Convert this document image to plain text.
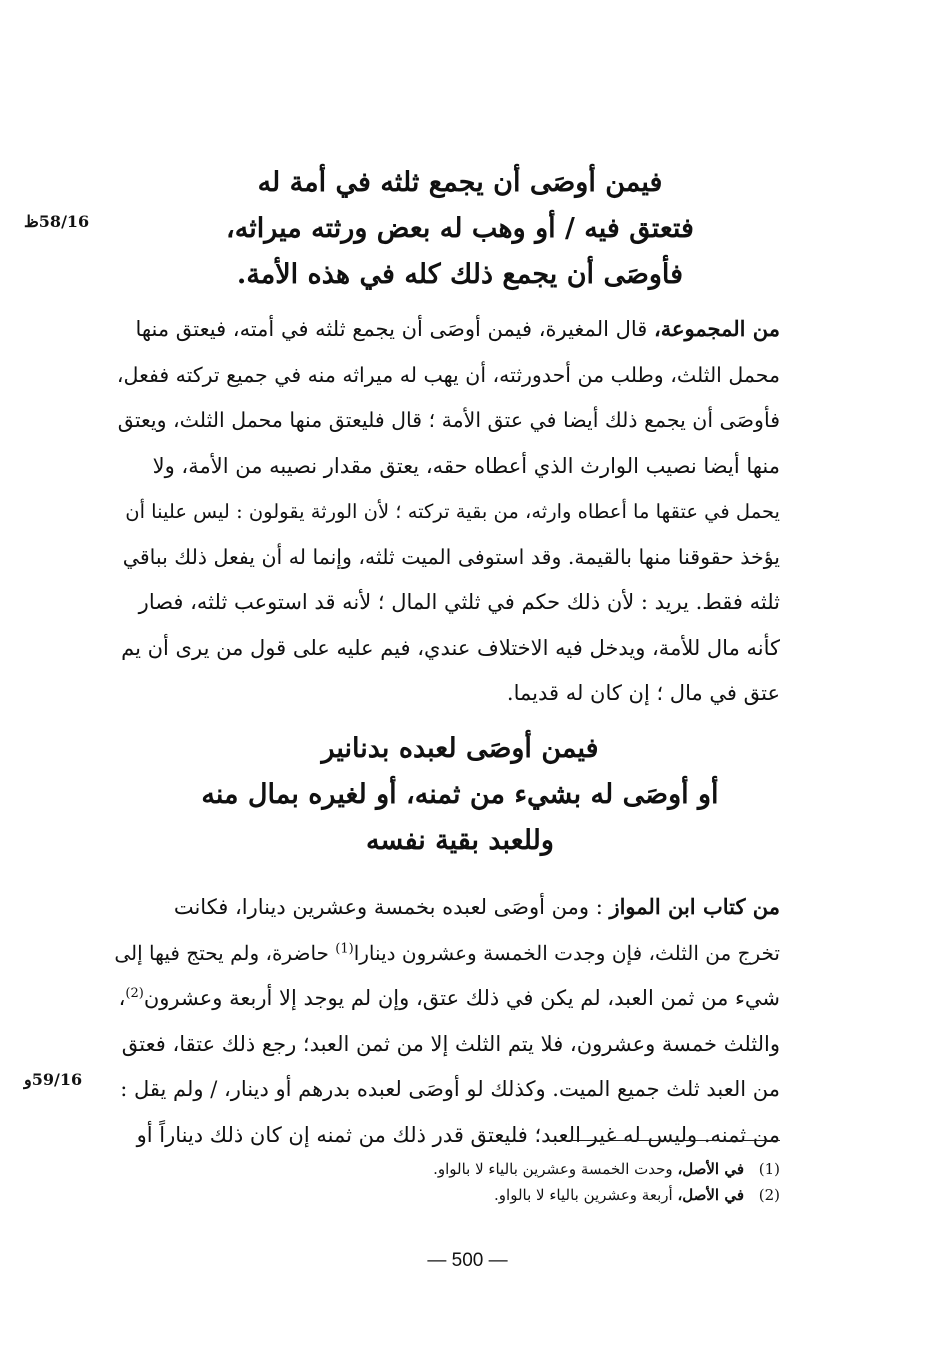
58/16ظ
59/16و
فيمن أوصَى أن يجمع ثلثه في أمة له
فتعتق فيه / أو وهب له بعض ورثته ميراثه،
فأوصَى أن يجمع ذلك كله في هذه الأمة.
من المجموعة، قال المغيرة، فيمن أوصَى أن يجمع ثلثه في أمته، فيعتق منها
محمل الثلث، وطلب من أحدورثته، أن يهب له ميراثه منه في جميع تركته ففعل،
فأوصَى أن يجمع ذلك أيضا في عتق الأمة ؛ قال فليعتق منها محمل الثلث، ويعتق
منها أيضا نصيب الوارث الذي أعطاه حقه، يعتق مقدار نصيبه من الأمة، ولا
يحمل في عتقها ما أعطاه وارثه، من بقية تركته ؛ لأن الورثة يقولون : ليس علينا أن
يؤخذ حقوقنا منها بالقيمة. وقد استوفى الميت ثلثه، وإنما له أن يفعل ذلك بباقي
ثلثه فقط. يريد : لأن ذلك حكم في ثلثي المال ؛ لأنه قد استوعب ثلثه، فصار
كأنه مال للأمة، ويدخل فيه الاختلاف عندي، فيم عليه على قول من يرى أن يم
عتق في مال ؛ إن كان له قديما.
فيمن أوصَى لعبده بدنانير
أو أوصَى له بشيء من ثمنه، أو لغيره بمال منه
وللعبد بقية نفسه
من كتاب ابن المواز : ومن أوصَى لعبده بخمسة وعشرين دينارا، فكانت
تخرج من الثلث، فإن وجدت الخمسة وعشرون دينارا$^{(1)}$ حاضرة، ولم يحتج فيها إلى
شيء من ثمن العبد، لم يكن في ذلك عتق، وإن لم يوجد إلا أربعة وعشرون$^{(2)}$،
والثلث خمسة وعشرون، فلا يتم الثلث إلا من ثمن العبد؛ رجع ذلك عتقا، فعتق
من العبد ثلث جميع الميت. وكذلك لو أوصَى لعبده بدرهم أو دينار، / ولم يقل :
من ثمنه. وليس له غير العبد؛ فليعتق قدر ذلك من ثمنه إن كان ذلك ديناراً أو
(1)في الأصل، وحدت الخمسة وعشرين بالياء لا بالواو.
(2)في الأصل، أربعة وعشرين بالياء لا بالواو.
— 500 —
